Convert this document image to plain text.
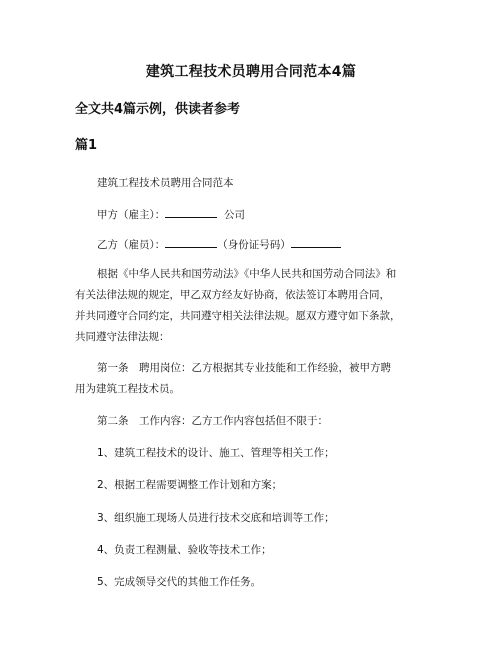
建筑工程技术员聘用合同范本4篇
全文共4篇示例，供读者参考
篇1
建筑工程技术员聘用合同范本
甲方（雇主）：	公司
乙方（雇员）：	（身份证号码）
根据《中华人民共和国劳动法》《中华人民共和国劳动合同法》和
有关法律法规的规定，甲乙双方经友好协商，依法签订本聘用合同，
并共同遵守合同约定，共同遵守相关法律法规。愿双方遵守如下条款，
共同遵守法律法规：
第一条　聘用岗位：乙方根据其专业技能和工作经验，被甲方聘
用为建筑工程技术员。
第二条　工作内容：乙方工作内容包括但不限于：
1、建筑工程技术的设计、施工、管理等相关工作；
2、根据工程需要调整工作计划和方案；
3、组织施工现场人员进行技术交底和培训等工作；
4、负责工程测量、验收等技术工作；
5、完成领导交代的其他工作任务。
